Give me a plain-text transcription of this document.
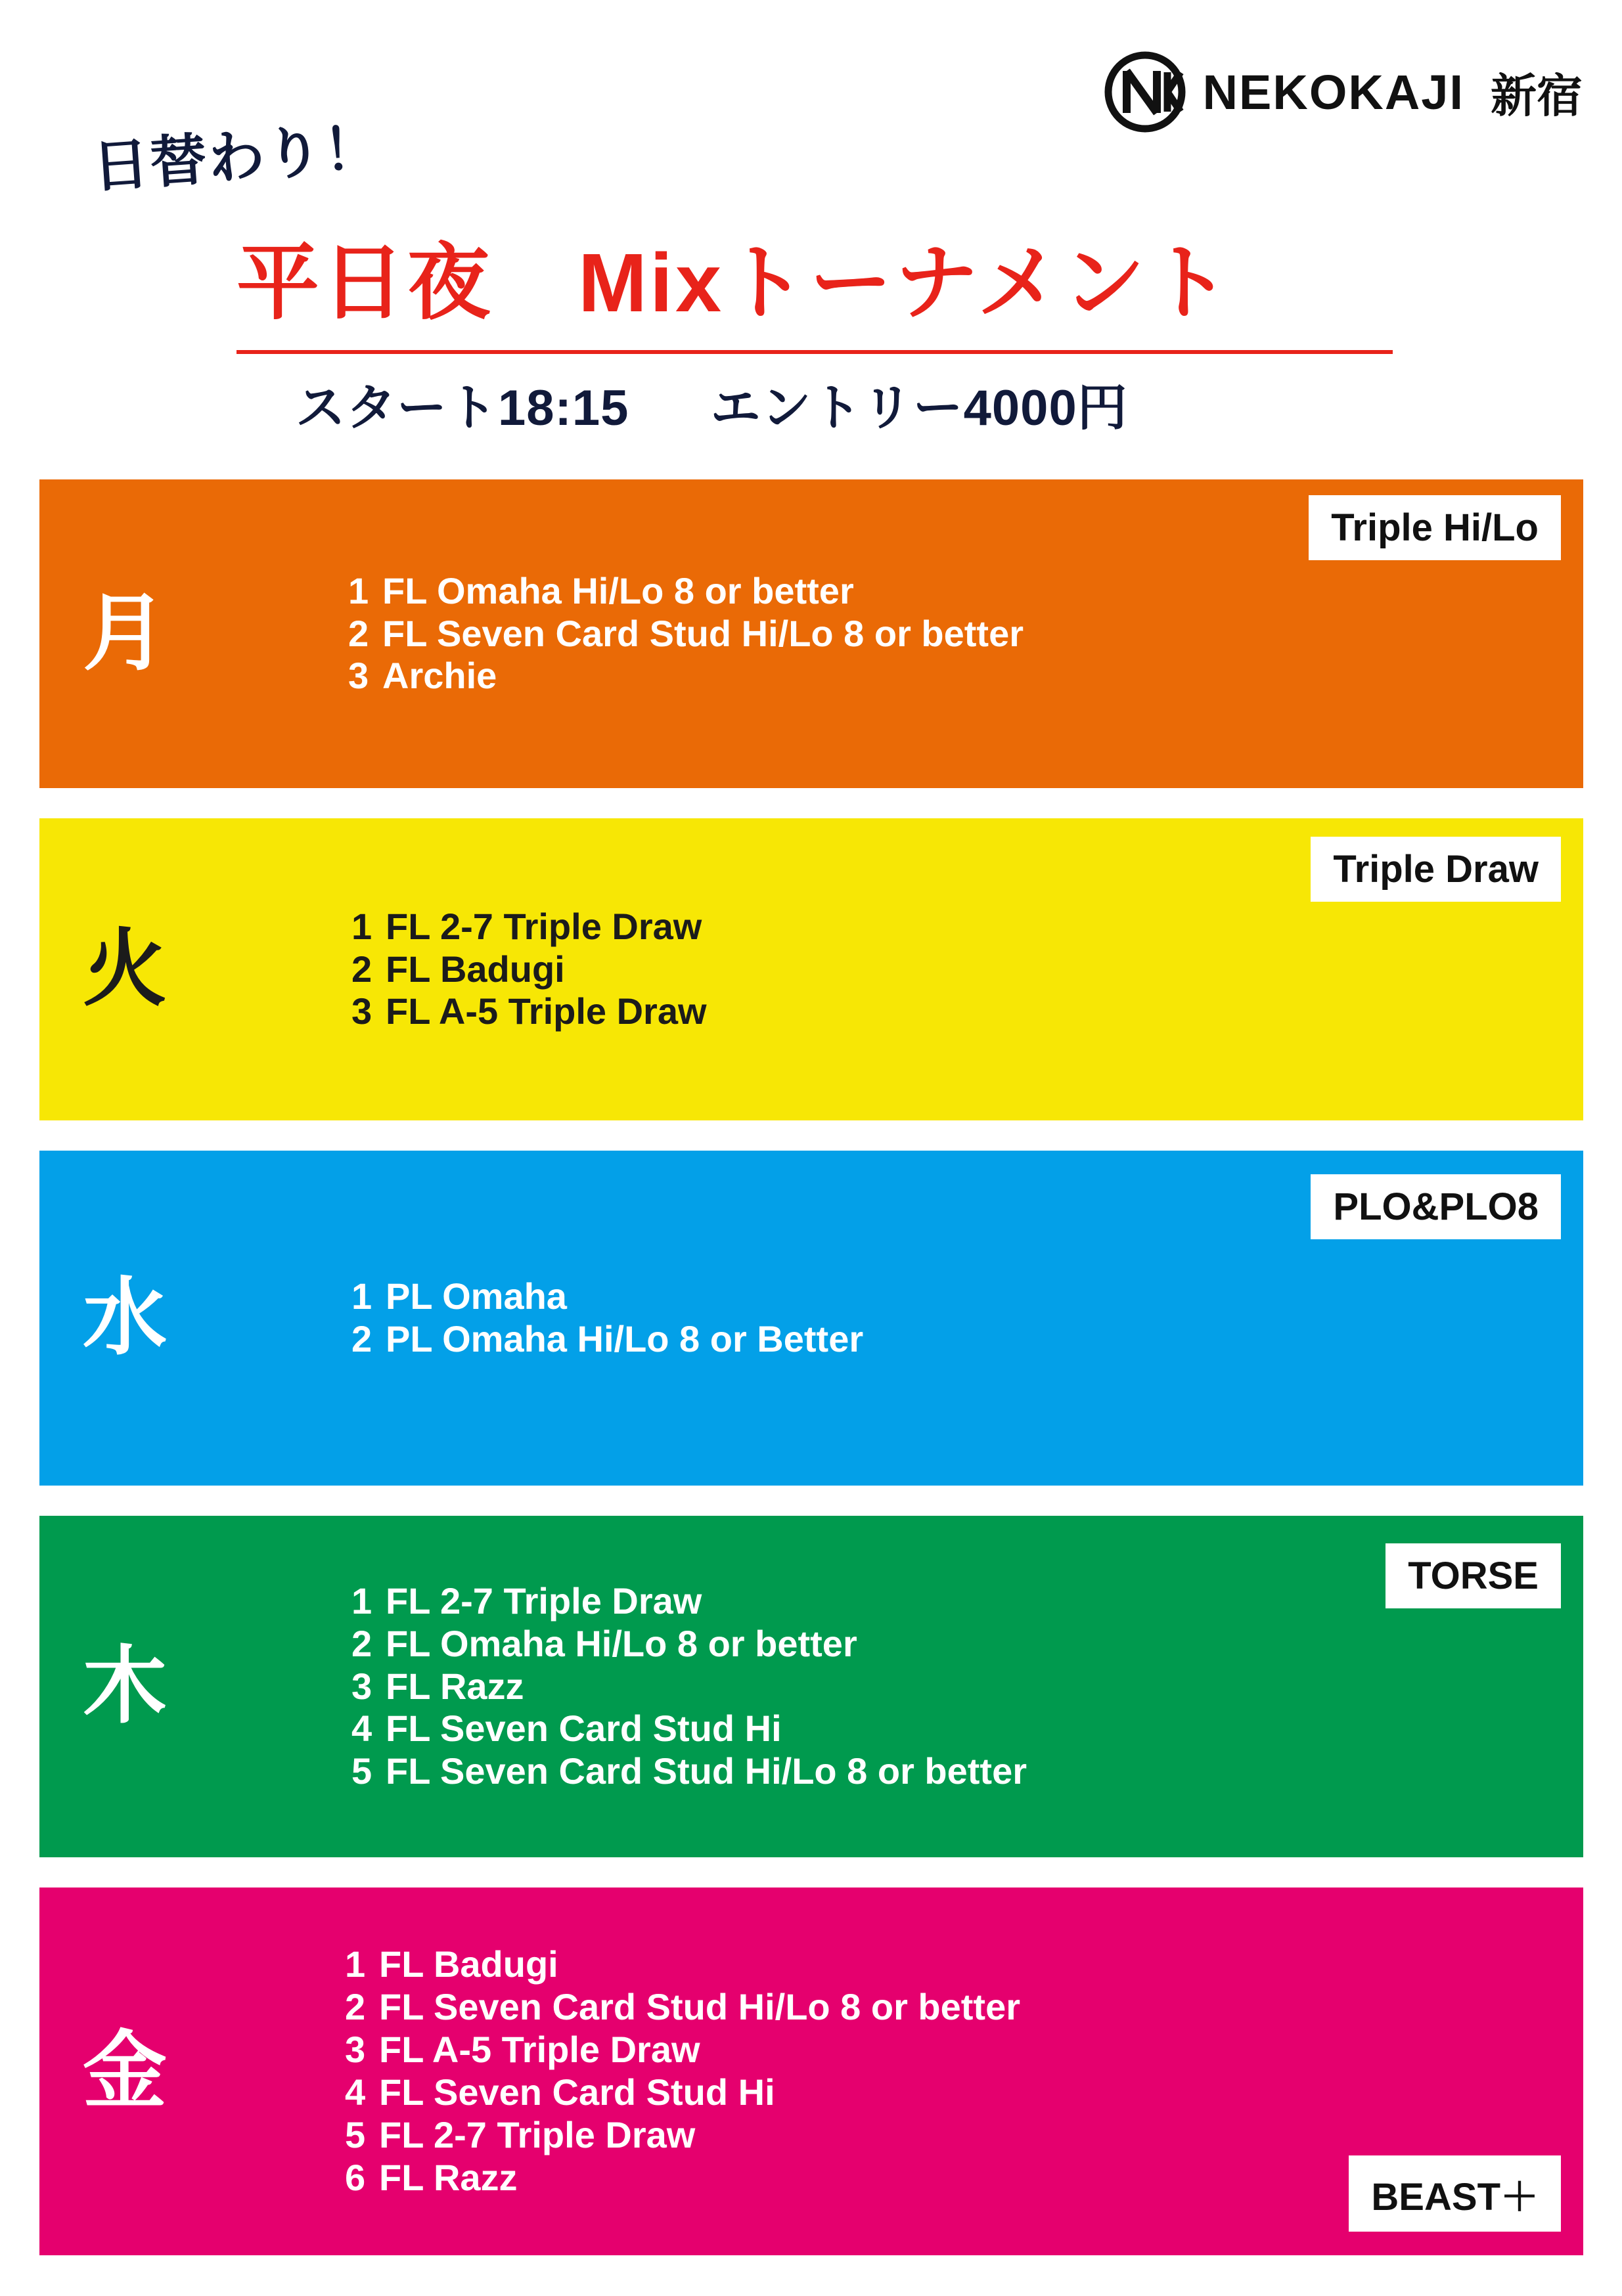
NEKOKAJI 新宿
日替わり！
平日夜　Mixトーナメント
スタート18:15 エントリー4000円
月	1 FL Omaha Hi/Lo 8 or better
2 FL Seven Card Stud Hi/Lo 8 or better
3 Archie
Triple Hi/Lo
火	1 FL 2-7 Triple Draw
2 FL Badugi
3 FL A-5 Triple Draw
Triple Draw
水	1 PL Omaha
2 PL Omaha Hi/Lo 8 or Better
PLO&PLO8
木
1 FL 2-7 Triple Draw
2 FL Omaha Hi/Lo 8 or better
3 FL Razz
4 FL Seven Card Stud Hi
5 FL Seven Card Stud Hi/Lo 8 or better
TORSE
金
1 FL Badugi
2 FL Seven Card Stud Hi/Lo 8 or better
3 FL A-5 Triple Draw
4 FL Seven Card Stud Hi
5 FL 2-7 Triple Draw
6 FL Razz	BEAST＋
